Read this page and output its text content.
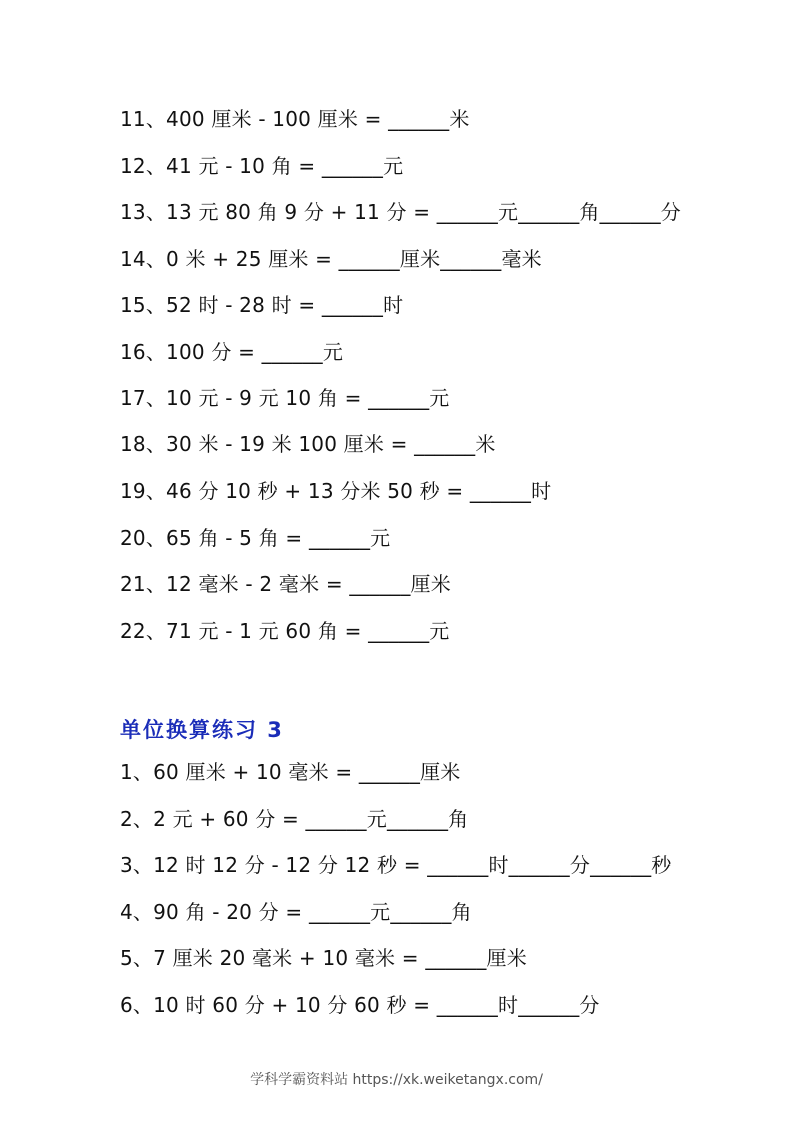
11、400 厘米 - 100 厘米 = ______米
12、41 元 - 10 角 = ______元
13、13 元 80 角 9 分 + 11 分 = ______元______角______分
14、0 米 + 25 厘米 = ______厘米______毫米
15、52 时 - 28 时 = ______时
16、100 分 = ______元
17、10 元 - 9 元 10 角 = ______元
18、30 米 - 19 米 100 厘米 = ______米
19、46 分 10 秒 + 13 分米 50 秒 = ______时
20、65 角 - 5 角 = ______元
21、12 毫米 - 2 毫米 = ______厘米
22、71 元 - 1 元 60 角 = ______元
单位换算练习 3
1、60 厘米 + 10 毫米 = ______厘米
2、2 元 + 60 分 = ______元______角
3、12 时 12 分 - 12 分 12 秒 = ______时______分______秒
4、90 角 - 20 分 = ______元______角
5、7 厘米 20 毫米 + 10 毫米 = ______厘米
6、10 时 60 分 + 10 分 60 秒 = ______时______分
学科学霸资料站 https://xk.weiketangx.com/
